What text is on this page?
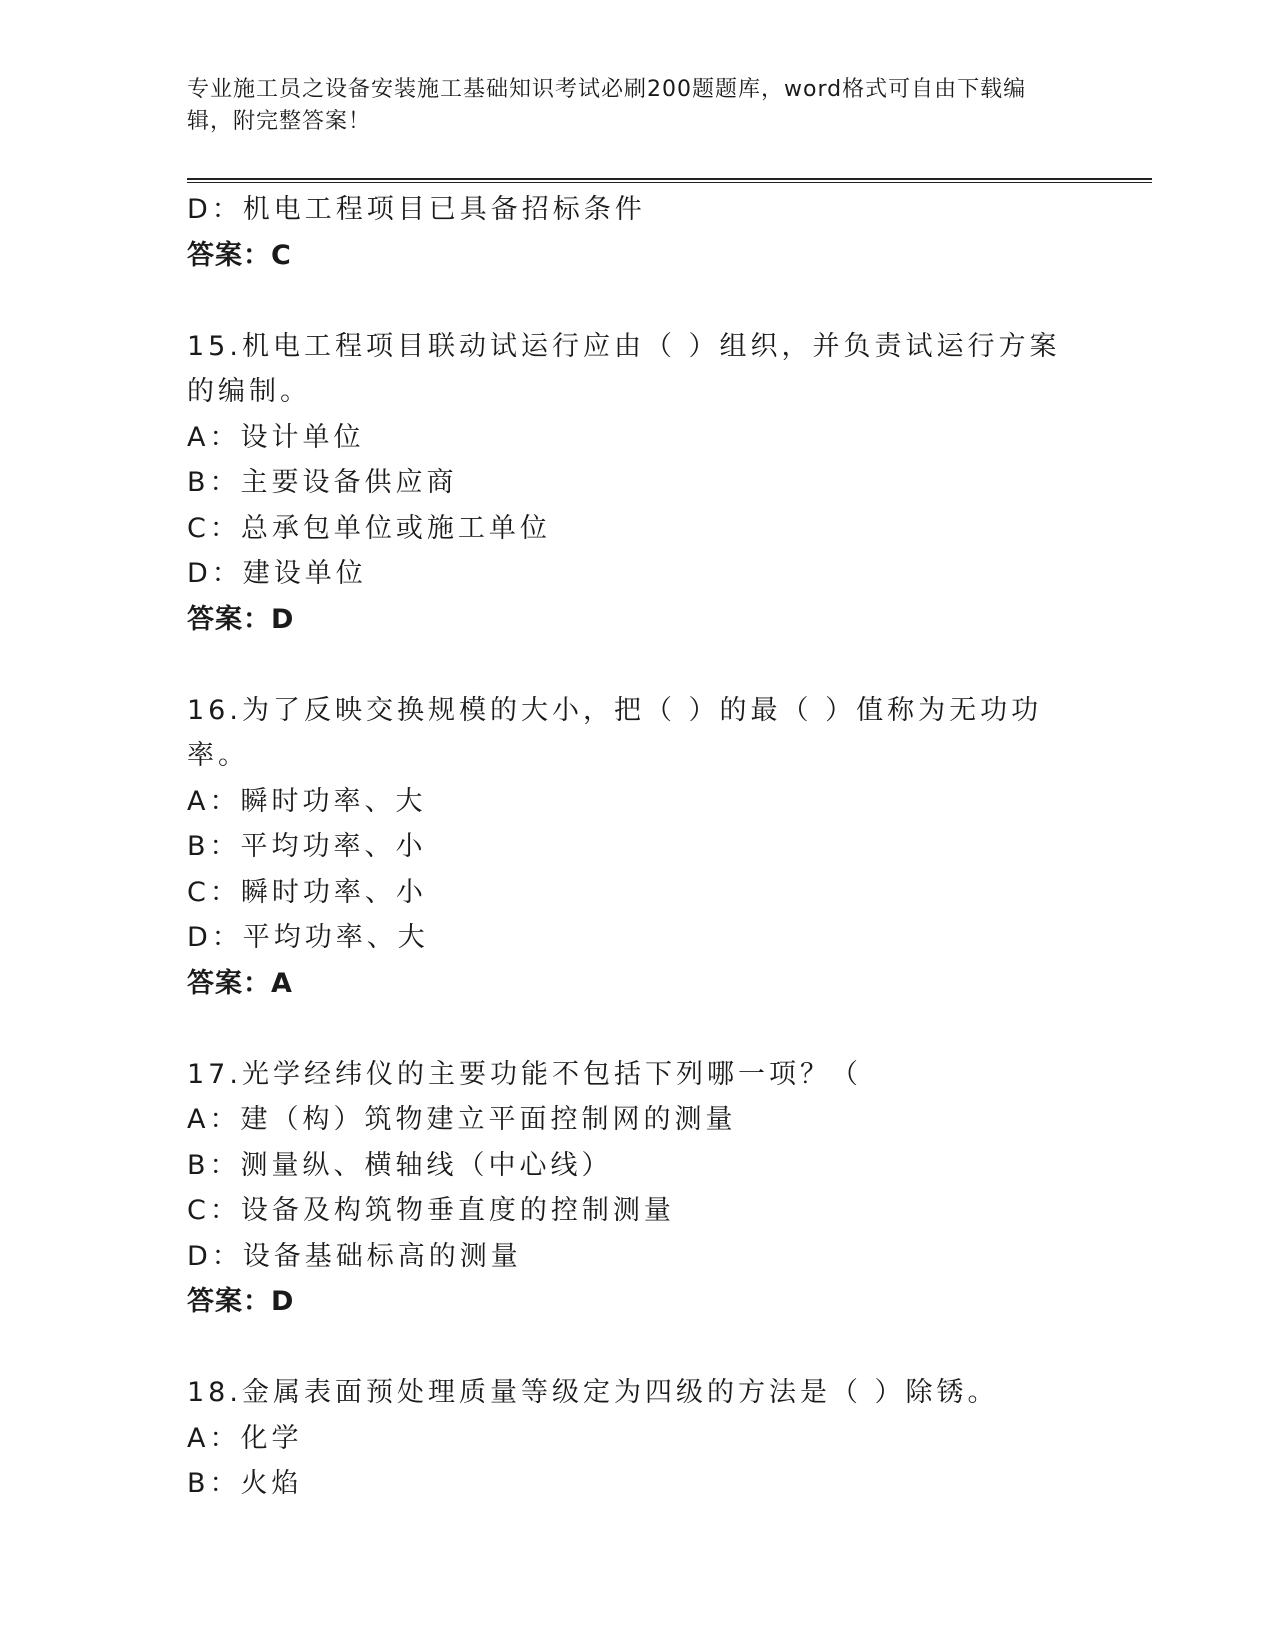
专业施工员之设备安装施工基础知识考试必刷200题题库，word格式可自由下载编辑，附完整答案！
D：机电工程项目已具备招标条件
答案：C
15.机电工程项目联动试运行应由（ ）组织，并负责试运行方案的编制。
A：设计单位
B：主要设备供应商
C：总承包单位或施工单位
D：建设单位
答案：D
16.为了反映交换规模的大小，把（ ）的最（ ）值称为无功功率。
A：瞬时功率、大
B：平均功率、小
C：瞬时功率、小
D：平均功率、大
答案：A
17.光学经纬仪的主要功能不包括下列哪一项？（
A：建（构）筑物建立平面控制网的测量
B：测量纵、横轴线（中心线）
C：设备及构筑物垂直度的控制测量
D：设备基础标高的测量
答案：D
18.金属表面预处理质量等级定为四级的方法是（ ）除锈。
A：化学
B：火焰
